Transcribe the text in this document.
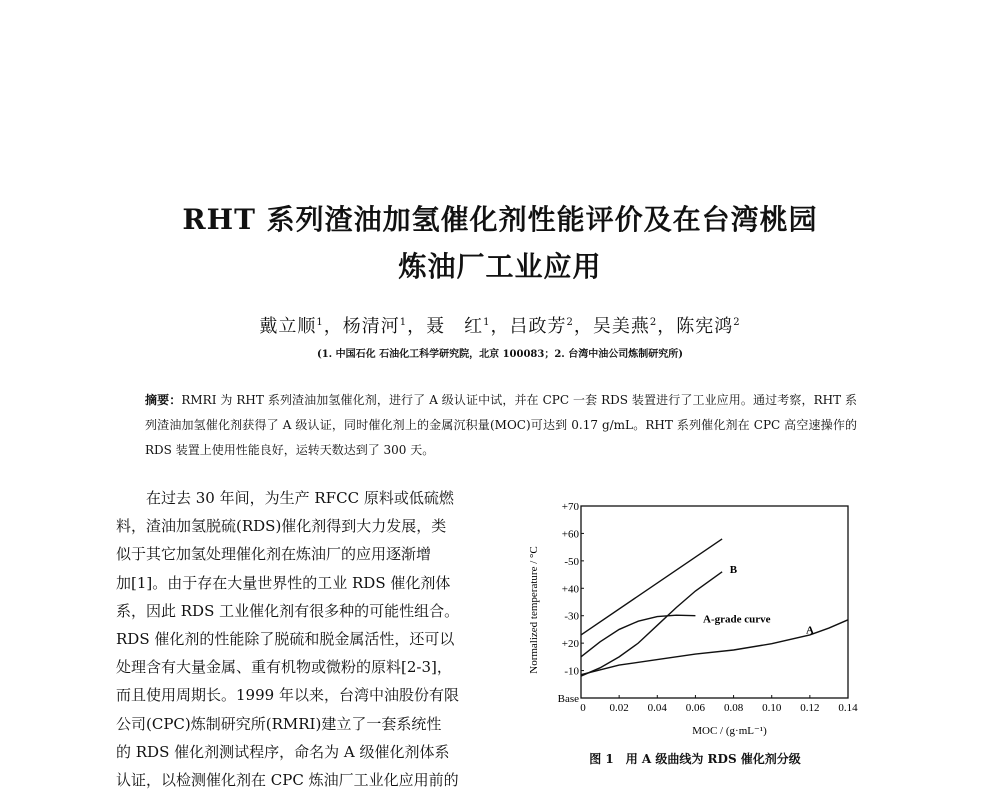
RHT 系列渣油加氢催化剂性能评价及在台湾桃园
炼油厂工业应用
戴立顺$^1$，杨清河$^1$，聂　红$^1$，吕政芳$^2$，吴美燕$^2$，陈宪鸿$^2$
(1. 中国石化 石油化工科学研究院，北京 100083；2. 台湾中油公司炼制研究所)
摘要：RMRI 为 RHT 系列渣油加氢催化剂，进行了 A 级认证中试，并在 CPC 一套 RDS 装置进行了工业应用。通过考察，RHT 系列渣油加氢催化剂获得了 A 级认证，同时催化剂上的金属沉积量(MOC)可达到 0.17 g/mL。RHT 系列催化剂在 CPC 高空速操作的 RDS 装置上使用性能良好，运转天数达到了 300 天。
　　在过去 30 年间，为生产 RFCC 原料或低硫燃
料，渣油加氢脱硫(RDS)催化剂得到大力发展，类
似于其它加氢处理催化剂在炼油厂的应用逐渐增
加[1]。由于存在大量世界性的工业 RDS 催化剂体
系，因此 RDS 工业催化剂有很多种的可能性组合。
RDS 催化剂的性能除了脱硫和脱金属活性，还可以
处理含有大量金属、重有机物或微粉的原料[2-3]，
而且使用周期长。1999 年以来，台湾中油股份有限
公司(CPC)炼制研究所(RMRI)建立了一套系统性
的 RDS 催化剂测试程序，命名为 A 级催化剂体系
认证，以检测催化剂在 CPC 炼油厂工业化应用前的
0 0.02 0.04 0.06 0.08 0.10 0.12 0.14
Base
-10
+20
-30
+40
-50
+60
+70
MOC / (g·mL⁻¹)
Normalized temperature / °C	B
A-grade curve
A
图 1　用 A 级曲线为 RDS 催化剂分级
